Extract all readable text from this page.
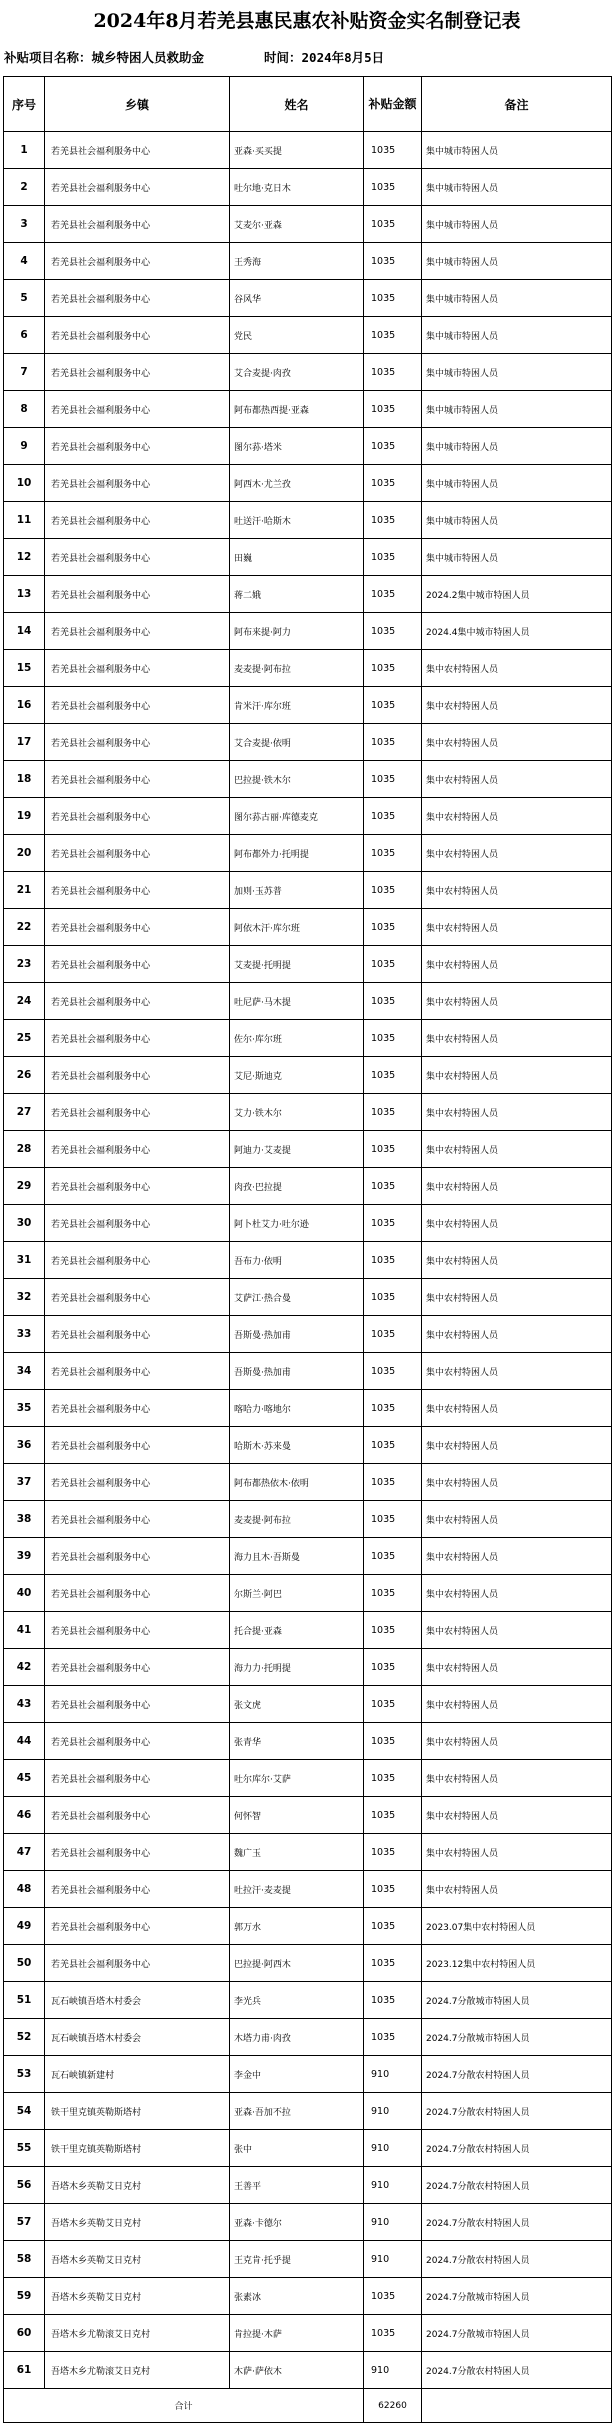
2024年8月若羌县惠民惠农补贴资金实名制登记表
补贴项目名称：城乡特困人员救助金	时间：2024年8月5日
序号	乡镇	姓名	补贴金额	备注
1	若羌县社会福利服务中心	亚森·买买提	1035	集中城市特困人员
2	若羌县社会福利服务中心	吐尔地·克日木	1035	集中城市特困人员
3	若羌县社会福利服务中心	艾麦尔·亚森	1035	集中城市特困人员
4	若羌县社会福利服务中心	王秀海	1035	集中城市特困人员
5	若羌县社会福利服务中心	谷风华	1035	集中城市特困人员
6	若羌县社会福利服务中心	党民	1035	集中城市特困人员
7	若羌县社会福利服务中心	艾合麦提·肉孜	1035	集中城市特困人员
8	若羌县社会福利服务中心	阿布都热西提·亚森	1035	集中城市特困人员
9	若羌县社会福利服务中心	图尔荪·塔米	1035	集中城市特困人员
10	若羌县社会福利服务中心	阿西木·尤兰孜	1035	集中城市特困人员
11	若羌县社会福利服务中心	吐送汗·哈斯木	1035	集中城市特困人员
12	若羌县社会福利服务中心	田巍	1035	集中城市特困人员
13	若羌县社会福利服务中心	蒋二娥	1035	2024.2集中城市特困人员
14	若羌县社会福利服务中心	阿布来提·阿力	1035	2024.4集中城市特困人员
15	若羌县社会福利服务中心	麦麦提·阿布拉	1035	集中农村特困人员
16	若羌县社会福利服务中心	肯米汗·库尔班	1035	集中农村特困人员
17	若羌县社会福利服务中心	艾合麦提·依明	1035	集中农村特困人员
18	若羌县社会福利服务中心	巴拉提·铁木尔	1035	集中农村特困人员
19	若羌县社会福利服务中心	图尔荪古丽·库德麦克	1035	集中农村特困人员
20	若羌县社会福利服务中心	阿布都外力·托明提	1035	集中农村特困人员
21	若羌县社会福利服务中心	加则·玉苏普	1035	集中农村特困人员
22	若羌县社会福利服务中心	阿依木汗·库尔班	1035	集中农村特困人员
23	若羌县社会福利服务中心	艾麦提·托明提	1035	集中农村特困人员
24	若羌县社会福利服务中心	吐尼萨·马木提	1035	集中农村特困人员
25	若羌县社会福利服务中心	佐尔·库尔班	1035	集中农村特困人员
26	若羌县社会福利服务中心	艾尼·斯迪克	1035	集中农村特困人员
27	若羌县社会福利服务中心	艾力·铁木尔	1035	集中农村特困人员
28	若羌县社会福利服务中心	阿迪力·艾麦提	1035	集中农村特困人员
29	若羌县社会福利服务中心	肉孜·巴拉提	1035	集中农村特困人员
30	若羌县社会福利服务中心	阿卜杜艾力·吐尔逊	1035	集中农村特困人员
31	若羌县社会福利服务中心	吾布力·依明	1035	集中农村特困人员
32	若羌县社会福利服务中心	艾萨江·热合曼	1035	集中农村特困人员
33	若羌县社会福利服务中心	吾斯曼·热加甫	1035	集中农村特困人员
34	若羌县社会福利服务中心	吾斯曼·热加甫	1035	集中农村特困人员
35	若羌县社会福利服务中心	喀哈力·喀地尔	1035	集中农村特困人员
36	若羌县社会福利服务中心	哈斯木·苏来曼	1035	集中农村特困人员
37	若羌县社会福利服务中心	阿布都热依木·依明	1035	集中农村特困人员
38	若羌县社会福利服务中心	麦麦提·阿布拉	1035	集中农村特困人员
39	若羌县社会福利服务中心	海力且木·吾斯曼	1035	集中农村特困人员
40	若羌县社会福利服务中心	尔斯兰·阿巴	1035	集中农村特困人员
41	若羌县社会福利服务中心	托合提·亚森	1035	集中农村特困人员
42	若羌县社会福利服务中心	海力力·托明提	1035	集中农村特困人员
43	若羌县社会福利服务中心	张文虎	1035	集中农村特困人员
44	若羌县社会福利服务中心	张青华	1035	集中农村特困人员
45	若羌县社会福利服务中心	吐尔库尔·艾萨	1035	集中农村特困人员
46	若羌县社会福利服务中心	何怀智	1035	集中农村特困人员
47	若羌县社会福利服务中心	魏广玉	1035	集中农村特困人员
48	若羌县社会福利服务中心	吐拉汗·麦麦提	1035	集中农村特困人员
49	若羌县社会福利服务中心	郭万水	1035	2023.07集中农村特困人员
50	若羌县社会福利服务中心	巴拉提·阿西木	1035	2023.12集中农村特困人员
51	瓦石峡镇吾塔木村委会	李光兵	1035	2024.7分散城市特困人员
52	瓦石峡镇吾塔木村委会	木塔力甫·肉孜	1035	2024.7分散城市特困人员
53	瓦石峡镇新建村	李金中	910	2024.7分散农村特困人员
54	铁干里克镇英勒斯塔村	亚森·吾加不拉	910	2024.7分散农村特困人员
55	铁干里克镇英勒斯塔村	张中	910	2024.7分散农村特困人员
56	吾塔木乡英勒艾日克村	王善平	910	2024.7分散农村特困人员
57	吾塔木乡英勒艾日克村	亚森·卡德尔	910	2024.7分散农村特困人员
58	吾塔木乡英勒艾日克村	王克肯·托乎提	910	2024.7分散农村特困人员
59	吾塔木乡英勒艾日克村	张素冰	1035	2024.7分散城市特困人员
60	吾塔木乡尤勒滚艾日克村	肯拉提·木萨	1035	2024.7分散城市特困人员
61	吾塔木乡尤勒滚艾日克村	木萨·萨依木	910	2024.7分散农村特困人员
合计			62260	
